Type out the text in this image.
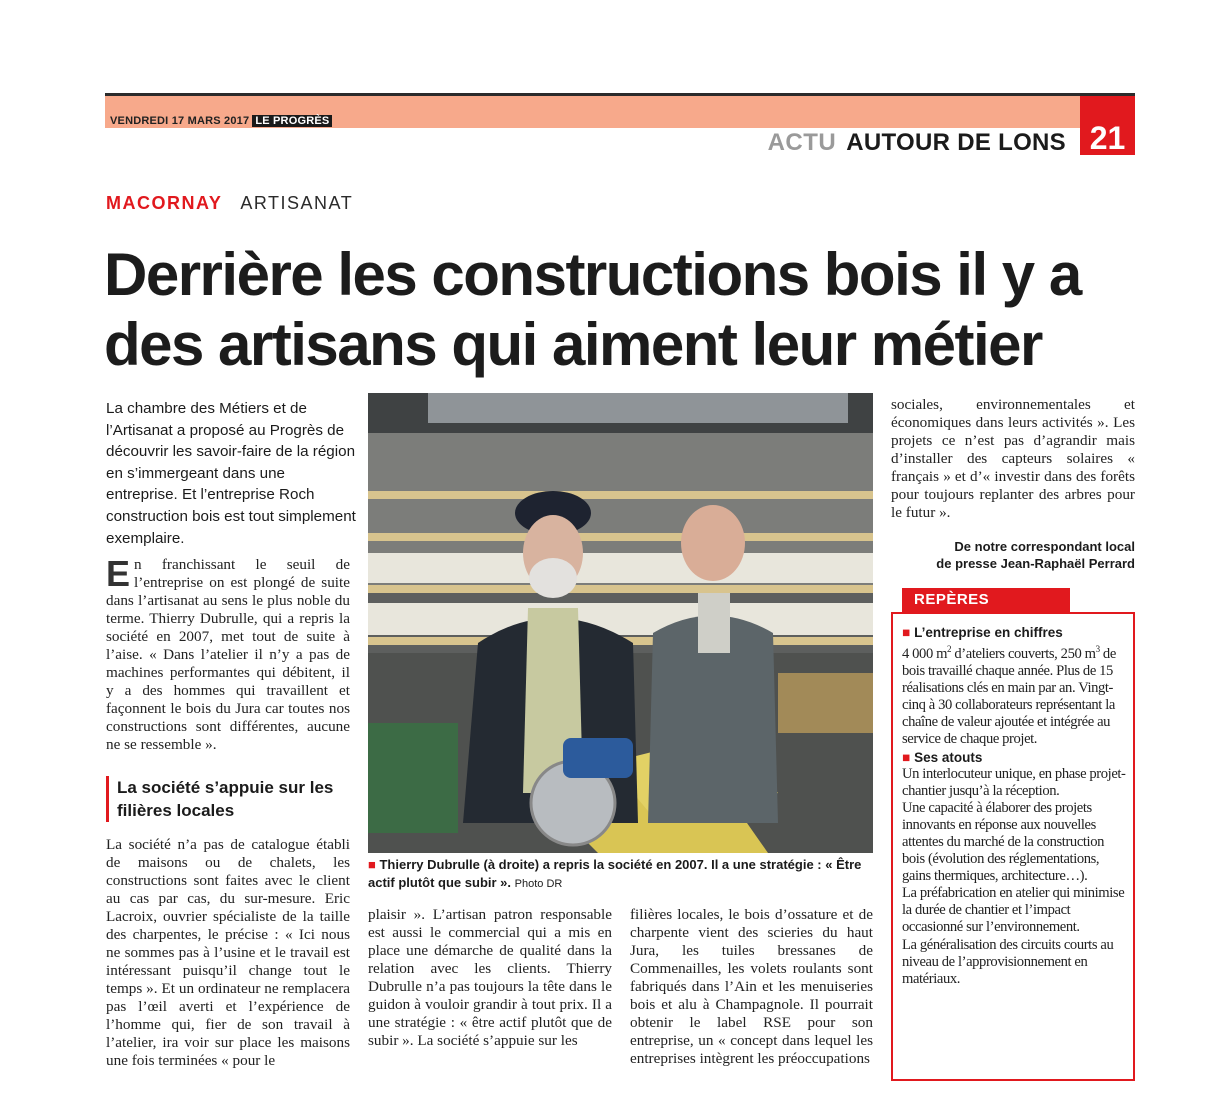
VENDREDI 17 MARS 2017 LE PROGRÈS
ACTU AUTOUR DE LONS 21
MACORNAY ARTISANAT
Derrière les constructions bois il y a des artisans qui aiment leur métier

La chambre des Métiers et de l’Artisanat a proposé au Progrès de découvrir les savoir-faire de la région en s’immergeant dans une entreprise. Et l’entreprise Roch construction bois est tout simplement exemplaire.

En franchissant le seuil de l’entreprise on est plongé de suite dans l’artisanat au sens le plus noble du terme. Thierry Dubrulle, qui a repris la société en 2007, met tout de suite à l’aise. « Dans l’atelier il n’y a pas de machines performantes qui débitent, il y a des hommes qui travaillent et façonnent le bois du Jura car toutes nos constructions sont différentes, aucune ne se ressemble ».
La société s’appuie sur les filières locales

La société n’a pas de catalogue établi de maisons ou de chalets, les constructions sont faites avec le client au cas par cas, du sur-mesure. Eric Lacroix, ouvrier spécialiste de la taille des charpentes, le précise : « Ici nous ne sommes pas à l’usine et le travail est intéressant puisqu’il change tout le temps ». Et un ordinateur ne remplacera pas l’œil averti et l’expérience de l’homme qui, fier de son travail à l’atelier, ira voir sur place les maisons une fois terminées « pour le

■ Thierry Dubrulle (à droite) a repris la société en 2007. Il a une stratégie : « Être actif plutôt que subir ». Photo DR

plaisir ». L’artisan patron responsable est aussi le commercial qui a mis en place une démarche de qualité dans la relation avec les clients. Thierry Dubrulle n’a pas toujours la tête dans le guidon à vouloir grandir à tout prix. Il a une stratégie : « être actif plutôt que de subir ». La société s’appuie sur les

filières locales, le bois d’ossature et de charpente vient des scieries du haut Jura, les tuiles bressanes de Commenailles, les volets roulants sont fabriqués dans l’Ain et les menuiseries bois et alu à Champagnole. Il pourrait obtenir le label RSE pour son entreprise, un « concept dans lequel les entreprises intègrent les préoccupations

sociales, environnementales et économiques dans leurs activités ». Les projets ce n’est pas d’agrandir mais d’installer des capteurs solaires « français » et d’« investir dans des forêts pour toujours replanter des arbres pour le futur ».

De notre correspondant local
de presse Jean-Raphaël Perrard
REPÈRES
■ L’entreprise en chiffres
4 000 $m^2$ d’ateliers couverts, 250 $m^3$ de bois travaillé chaque année. Plus de 15 réalisations clés en main par an. Vingt-cinq à 30 collaborateurs représentant la chaîne de valeur ajoutée et intégrée au service de chaque projet.
■ Ses atouts
Un interlocuteur unique, en phase projet-chantier jusqu’à la réception.
Une capacité à élaborer des projets innovants en réponse aux nouvelles attentes du marché de la construction bois (évolution des réglementations, gains thermiques, architecture…).
La préfabrication en atelier qui minimise la durée de chantier et l’impact occasionné sur l’environnement.
La généralisation des circuits courts au niveau de l’approvisionnement en matériaux.
